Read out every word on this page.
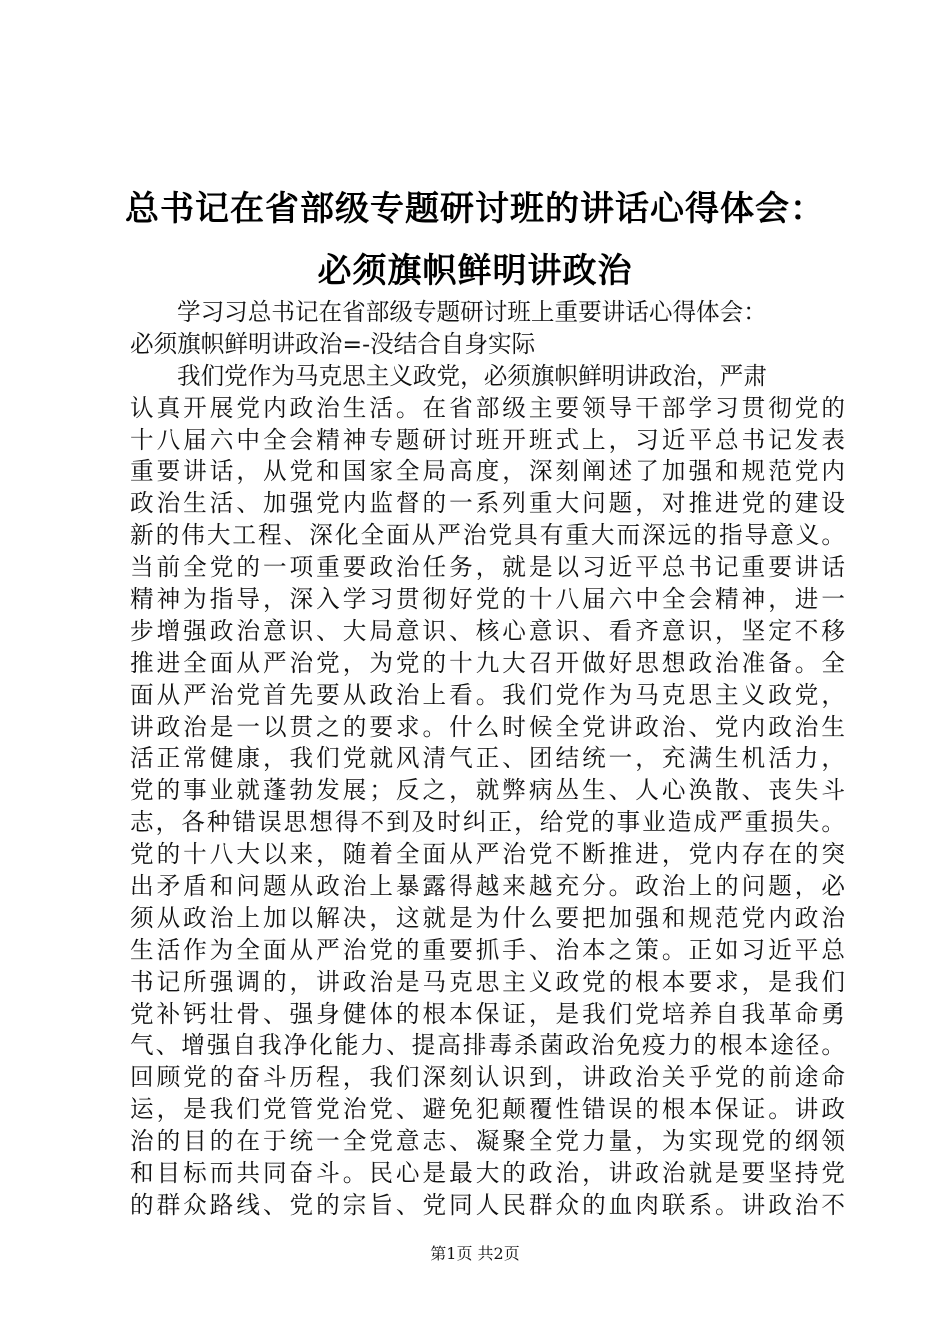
总书记在省部级专题研讨班的讲话心得体会：
必须旗帜鲜明讲政治
学习习总书记在省部级专题研讨班上重要讲话心得体会：
必须旗帜鲜明讲政治=-没结合自身实际
我们党作为马克思主义政党，必须旗帜鲜明讲政治，严肃
认真开展党内政治生活。在省部级主要领导干部学习贯彻党的
十八届六中全会精神专题研讨班开班式上，习近平总书记发表
重要讲话，从党和国家全局高度，深刻阐述了加强和规范党内
政治生活、加强党内监督的一系列重大问题，对推进党的建设
新的伟大工程、深化全面从严治党具有重大而深远的指导意义。
当前全党的一项重要政治任务，就是以习近平总书记重要讲话
精神为指导，深入学习贯彻好党的十八届六中全会精神，进一
步增强政治意识、大局意识、核心意识、看齐意识，坚定不移
推进全面从严治党，为党的十九大召开做好思想政治准备。全
面从严治党首先要从政治上看。我们党作为马克思主义政党，
讲政治是一以贯之的要求。什么时候全党讲政治、党内政治生
活正常健康，我们党就风清气正、团结统一，充满生机活力，
党的事业就蓬勃发展；反之，就弊病丛生、人心涣散、丧失斗
志，各种错误思想得不到及时纠正，给党的事业造成严重损失。
党的十八大以来，随着全面从严治党不断推进，党内存在的突
出矛盾和问题从政治上暴露得越来越充分。政治上的问题，必
须从政治上加以解决，这就是为什么要把加强和规范党内政治
生活作为全面从严治党的重要抓手、治本之策。正如习近平总
书记所强调的，讲政治是马克思主义政党的根本要求，是我们
党补钙壮骨、强身健体的根本保证，是我们党培养自我革命勇
气、增强自我净化能力、提高排毒杀菌政治免疫力的根本途径。
回顾党的奋斗历程，我们深刻认识到，讲政治关乎党的前途命
运，是我们党管党治党、避免犯颠覆性错误的根本保证。讲政
治的目的在于统一全党意志、凝聚全党力量，为实现党的纲领
和目标而共同奋斗。民心是最大的政治，讲政治就是要坚持党
的群众路线、党的宗旨、党同人民群众的血肉联系。讲政治不
第1页 共2页
